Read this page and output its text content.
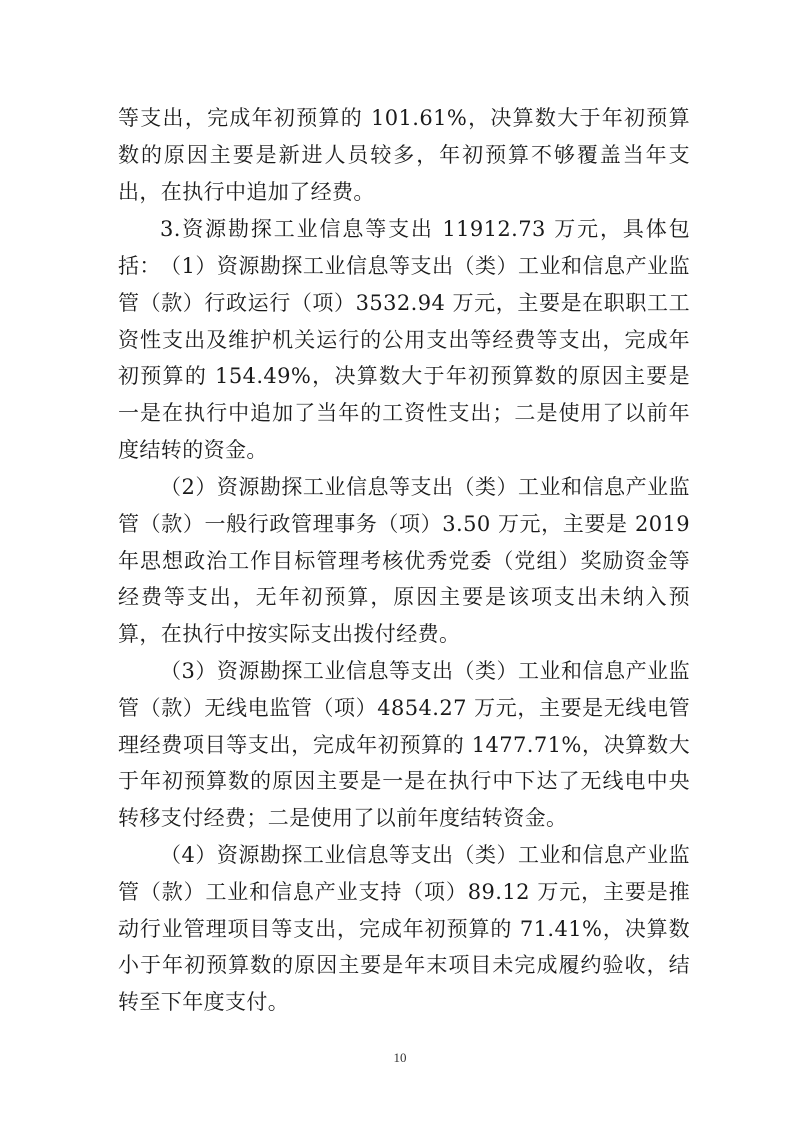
等支出，完成年初预算的 101.61%，决算数大于年初预算数的原因主要是新进人员较多，年初预算不够覆盖当年支出，在执行中追加了经费。

3.资源勘探工业信息等支出 11912.73 万元，具体包括： （1）资源勘探工业信息等支出（类）工业和信息产业监管（款）行政运行（项）3532.94 万元，主要是在职职工工资性支出及维护机关运行的公用支出等经费等支出，完成年初预算的 154.49%，决算数大于年初预算数的原因主要是一是在执行中追加了当年的工资性支出；二是使用了以前年度结转的资金。

（2）资源勘探工业信息等支出（类）工业和信息产业监管（款）一般行政管理事务（项）3.50 万元，主要是 2019 年思想政治工作目标管理考核优秀党委（党组）奖励资金等经费等支出，无年初预算，原因主要是该项支出未纳入预算，在执行中按实际支出拨付经费。

（3）资源勘探工业信息等支出（类）工业和信息产业监管（款）无线电监管（项）4854.27 万元，主要是无线电管理经费项目等支出，完成年初预算的 1477.71%，决算数大于年初预算数的原因主要是一是在执行中下达了无线电中央转移支付经费；二是使用了以前年度结转资金。

（4）资源勘探工业信息等支出（类）工业和信息产业监管（款）工业和信息产业支持（项）89.12 万元，主要是推动行业管理项目等支出，完成年初预算的 71.41%，决算数小于年初预算数的原因主要是年末项目未完成履约验收，结转至下年度支付。

10
